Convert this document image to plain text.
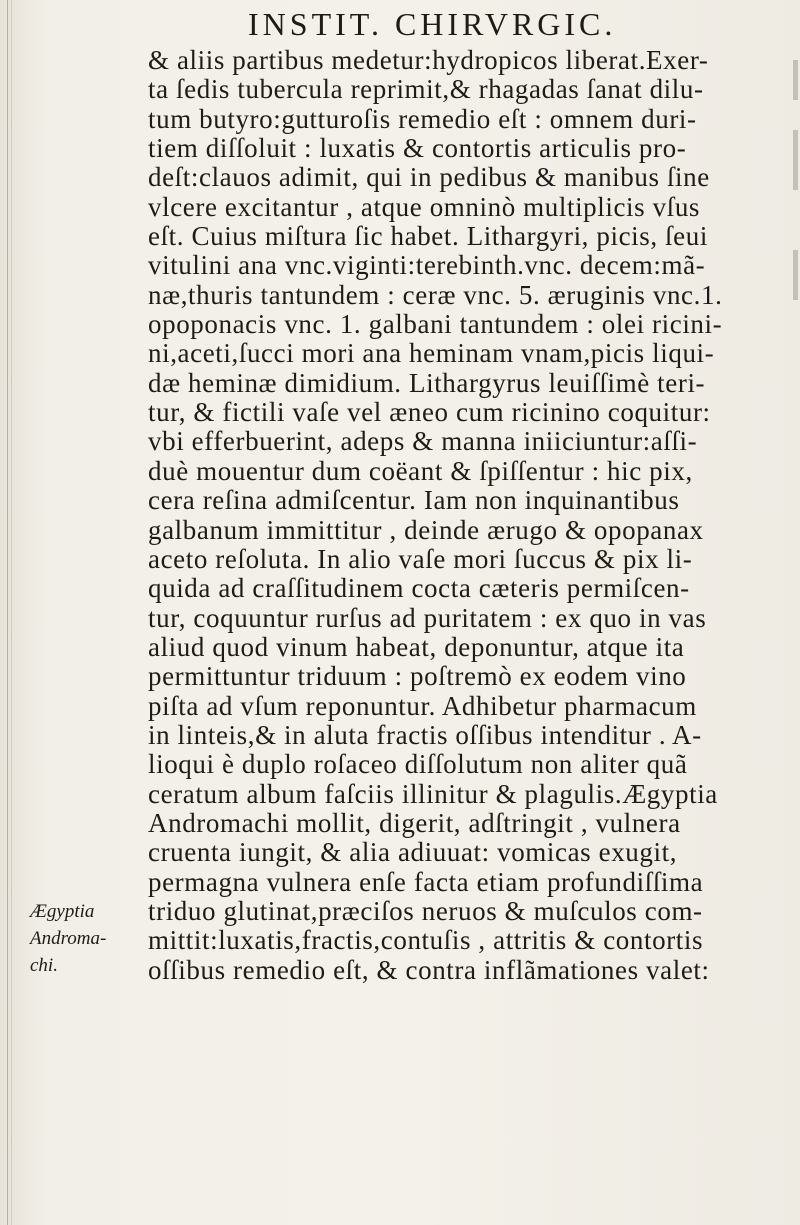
INSTIT. CHIRVRGIC.
& aliis partibus medetur:hydropicos liberat.Exer-
ta ſedis tubercula reprimit,& rhagadas ſanat dilu-
tum butyro:gutturoſis remedio eſt : omnem duri-
tiem diſſoluit : luxatis & contortis articulis pro-
deſt:clauos adimit, qui in pedibus & manibus ſine
vlcere excitantur , atque omninò multiplicis vſus
eſt. Cuius miſtura ſic habet. Lithargyri, picis, ſeui
vitulini ana vnc.viginti:terebinth.vnc. decem:mã-
næ,thuris tantundem : ceræ vnc. 5. æruginis vnc.1.
opoponacis vnc. 1. galbani tantundem : olei ricini-
ni,aceti,ſucci mori ana heminam vnam,picis liqui-
dæ heminæ dimidium. Lithargyrus leuiſſimè teri-
tur, & fictili vaſe vel æneo cum ricinino coquitur:
vbi efferbuerint, adeps & manna iniiciuntur:aſſi-
duè mouentur dum coëant & ſpiſſentur : hic pix,
cera reſina admiſcentur. Iam non inquinantibus
galbanum immittitur , deinde ærugo & opopanax
aceto reſoluta. In alio vaſe mori ſuccus & pix li-
quida ad craſſitudinem cocta cæteris permiſcen-
tur, coquuntur rurſus ad puritatem : ex quo in vas
aliud quod vinum habeat, deponuntur, atque ita
permittuntur triduum : poſtremò ex eodem vino
piſta ad vſum reponuntur. Adhibetur pharmacum
in linteis,& in aluta fractis oſſibus intenditur . A-
lioqui è duplo roſaceo diſſolutum non aliter quã
ceratum album faſciis illinitur & plagulis.Ægyptia
Andromachi mollit, digerit, adſtringit , vulnera
cruenta iungit, & alia adiuuat: vomicas exugit,
permagna vulnera enſe facta etiam profundiſſima
triduo glutinat,præciſos neruos & muſculos com-
mittit:luxatis,fractis,contuſis , attritis & contortis
oſſibus remedio eſt, & contra inflãmationes valet:
Ægyptia
Androma-
chi.
